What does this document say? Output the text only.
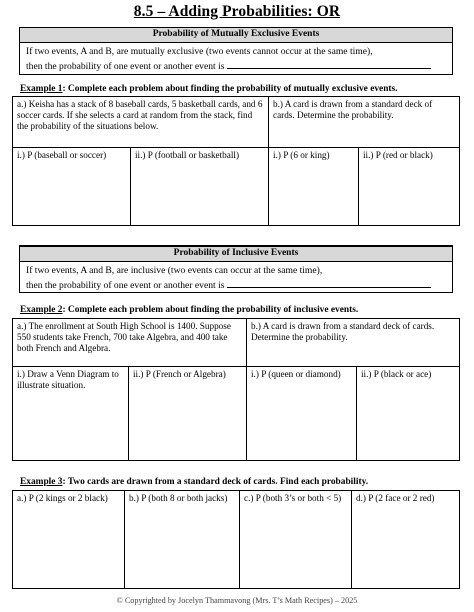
8.5 – Adding Probabilities: OR
Probability of Mutually Exclusive Events
If two events, A and B, are mutually exclusive (two events cannot occur at the same time),
then the probability of one event or another event is
Example 1: Complete each problem about finding the probability of mutually exclusive events.
a.) Keisha has a stack of 8 baseball cards, 5 basketball cards, and 6 soccer cards. If she selects a card at random from the stack, find the probability of the situations below.		b.) A card is drawn from a standard deck of cards. Determine the probability.	
i.) P (baseball or soccer)	ii.) P (football or basketball)	i.) P (6 or king)	ii.) P (red or black)
Probability of Inclusive Events
If two events, A and B, are inclusive (two events can occur at the same time),
then the probability of one event or another event is
Example 2: Complete each problem about finding the probability of inclusive events.
a.) The enrollment at South High School is 1400. Suppose 550 students take French, 700 take Algebra, and 400 take both French and Algebra.		b.) A card is drawn from a standard deck of cards. Determine the probability.	
i.) Draw a Venn Diagram to illustrate situation.	ii.) P (French or Algebra)	i.) P (queen or diamond)	ii.) P (black or ace)
Example 3: Two cards are drawn from a standard deck of cards. Find each probability.
a.) P (2 kings or 2 black)	b.) P (both 8 or both jacks)	c.) P (both 3’s or both < 5)	d.) P (2 face or 2 red)
© Copyrighted by Jocelyn Thammavong (Mrs. T’s Math Recipes) – 2025
